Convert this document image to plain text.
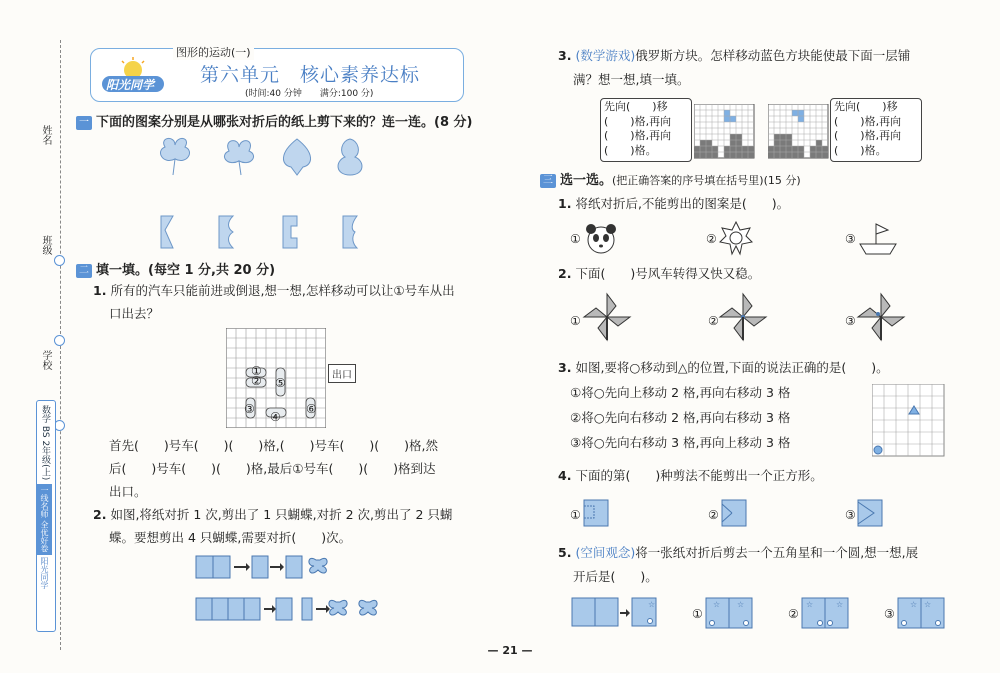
姓名
班级
学校
数学 BS 2年级(上)
一线名师 全优好卷
阳光同学
阳光同学
图形的运动(一)
第六单元　核心素养达标
(时间:40 分钟　　满分:100 分)
一 下面的图案分别是从哪张对折后的纸上剪下来的？连一连。(8 分)
二 填一填。(每空 1 分,共 20 分)
1. 所有的汽车只能前进或倒退,想一想,怎样移动可以让①号车从出
口出去？
①
②
③
④
⑤
⑥
出口
首先(　　)号车(　　)(　　)格,(　　)号车(　　)(　　)格,然
后(　　)号车(　　)(　　)格,最后①号车(　　)(　　)格到达
出口。
2. 如图,将纸对折 1 次,剪出了 1 只蝴蝶,对折 2 次,剪出了 2 只蝴
蝶。要想剪出 4 只蝴蝶,需要对折(　　)次。
3. (数学游戏)俄罗斯方块。怎样移动蓝色方块能使最下面一层铺
满？想一想,填一填。
先向(　　)移
(　　)格,再向
(　　)格,再向
(　　)格。
先向(　　)移
(　　)格,再向
(　　)格,再向
(　　)格。
三 选一选。(把正确答案的序号填在括号里)(15 分)
1. 将纸对折后,不能剪出的图案是(　　)。
①	②	③
2. 下面(　　)号风车转得又快又稳。
①	②	③
3. 如图,要将○移动到△的位置,下面的说法正确的是(　　)。
①将○先向上移动 2 格,再向右移动 3 格
②将○先向右移动 2 格,再向右移动 3 格
③将○先向右移动 3 格,再向上移动 3 格
4. 下面的第(　　)种剪法不能剪出一个正方形。
①	②	③
5. (空间观念)将一张纸对折后剪去一个五角星和一个圆,想一想,展
开后是(　　)。
☆
①
☆ ☆
②
☆	☆
③
☆ ☆
— 21 —
